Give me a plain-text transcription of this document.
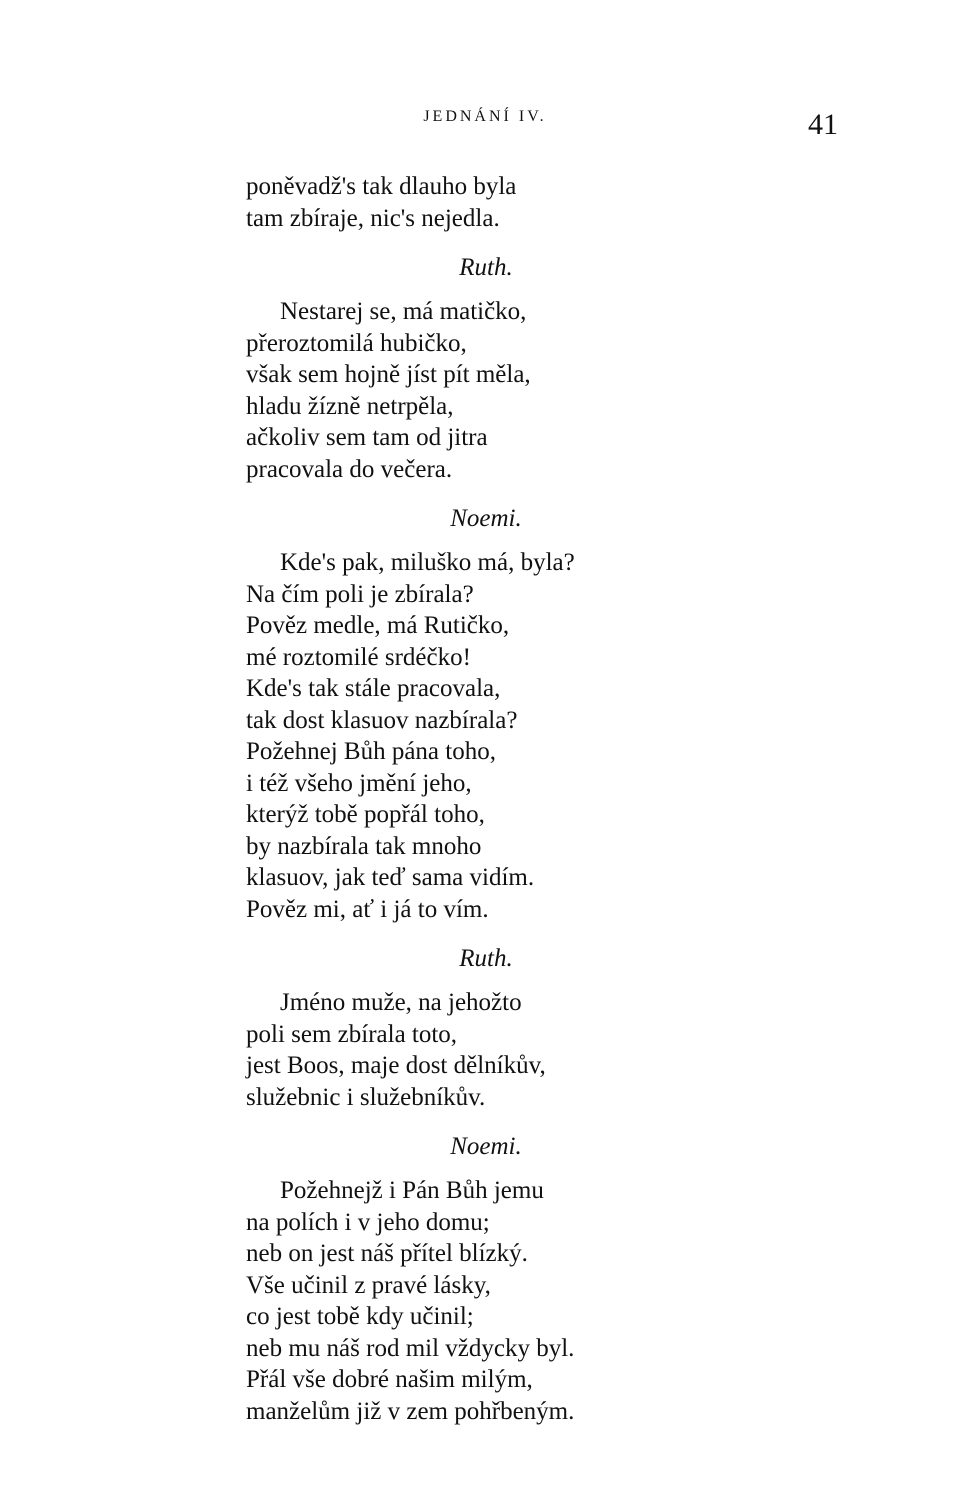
JEDNÁNÍ IV.	41
poněvadž's tak dlauho byla
tam zbíraje, nic's nejedla.
Ruth.
Nestarej se, má matičko,
přeroztomilá hubičko,
však sem hojně jíst pít měla,
hladu žízně netrpěla,
ačkoliv sem tam od jitra
pracovala do večera.
Noemi.
Kde's pak, miluško má, byla?
Na čím poli je zbírala?
Pověz medle, má Rutičko,
mé roztomilé srdéčko!
Kde's tak stále pracovala,
tak dost klasuov nazbírala?
Požehnej Bůh pána toho,
i též všeho jmění jeho,
kterýž tobě popřál toho,
by nazbírala tak mnoho
klasuov, jak teď sama vidím.
Pověz mi, ať i já to vím.
Ruth.
Jméno muže, na jehožto
poli sem zbírala toto,
jest Boos, maje dost dělníkův,
služebnic i služebníkův.
Noemi.
Požehnejž i Pán Bůh jemu
na polích i v jeho domu;
neb on jest náš přítel blízký.
Vše učinil z pravé lásky,
co jest tobě kdy učinil;
neb mu náš rod mil vždycky byl.
Přál vše dobré našim milým,
manželům již v zem pohřbeným.
